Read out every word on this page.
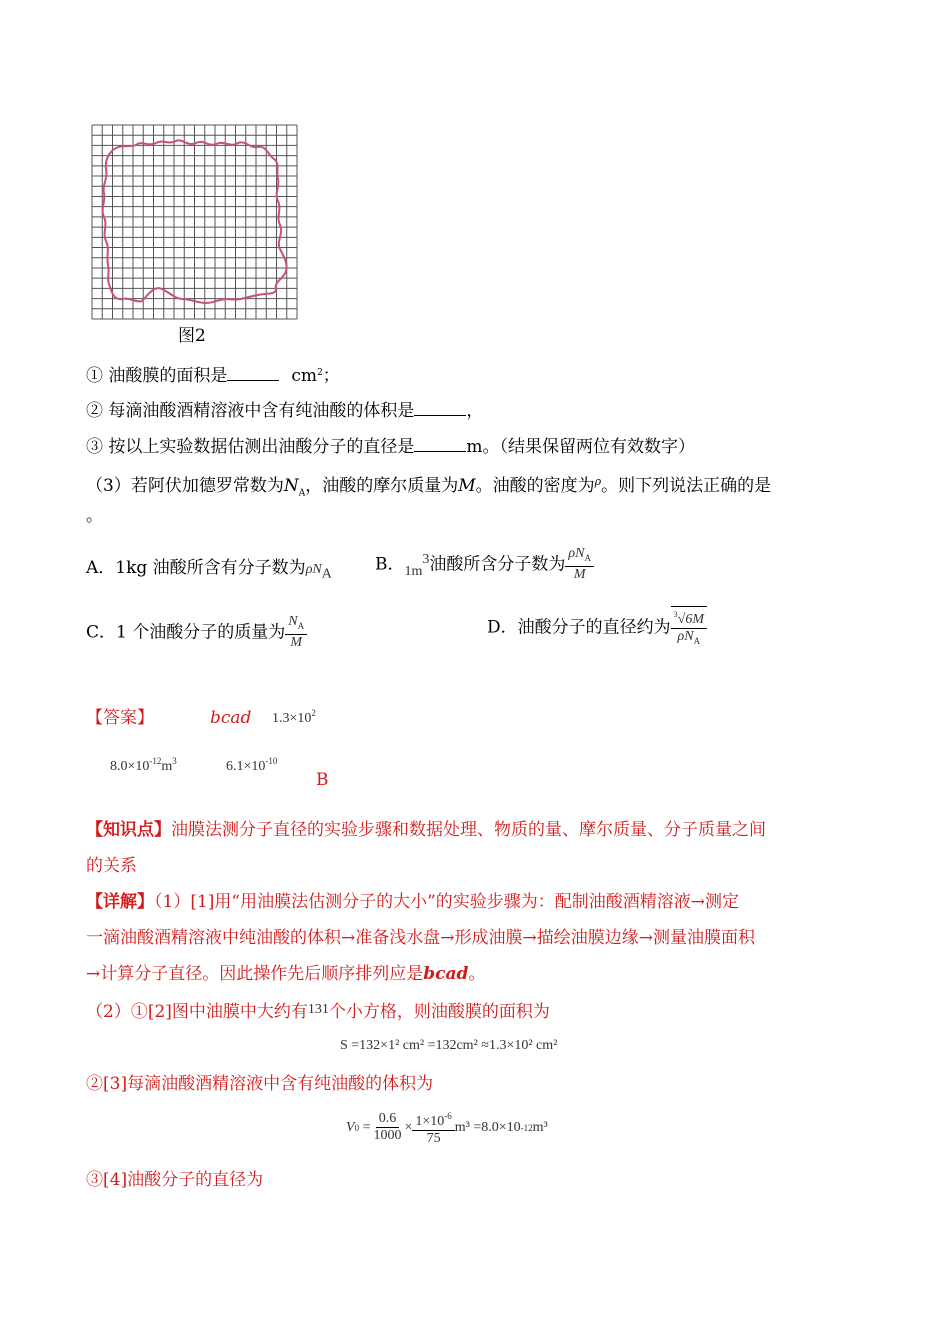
图2
① 油酸膜的面积是	$cm^2$；
② 每滴油酸酒精溶液中含有纯油酸的体积是	，
③ 按以上实验数据估测出油酸分子的直径是	m。（结果保留两位有效数字）
（3）若阿伏加德罗常数为$N_A$，油酸的摩尔质量为M。油酸的密度为$^\rho$。则下列说法正确的是
。
A．1kg 油酸所含有分子数为$\rho N_A$	B．$_{1m}^3$油酸所含分子数为 $\frac{\rho N_A}{M}$
C．1 个油酸分子的质量为 $\frac{N_A}{M}$	D．油酸分子的直径约为 $\frac{^3√6M}{\rho N_A}$
【答案】	bcad $1.3\times 10^2$
$8.0\times 10^{-12}m^3$	$6.1\times 10^{-10}$
B
【知识点】油膜法测分子直径的实验步骤和数据处理、物质的量、摩尔质量、分子质量之间
的关系
【详解】（1）[1]用“用油膜法估测分子的大小”的实验步骤为：配制油酸酒精溶液→测定
一滴油酸酒精溶液中纯油酸的体积→准备浅水盘→形成油膜→描绘油膜边缘→测量油膜面积
→计算分子直径。因此操作先后顺序排列应是bcad。
（2）①[2]图中油膜中大约有$^{131}$个小方格，则油酸膜的面积为
S =132×1² cm² =132cm² ≈1.3×10² cm²
②[3]每滴油酸酒精溶液中含有纯油酸的体积为
V $0 = \frac{0.6}{1000} \times \frac{1\times 10^{-6}}{75} m^3 =8.0\times 10$ -12 m³
③[4]油酸分子的直径为
